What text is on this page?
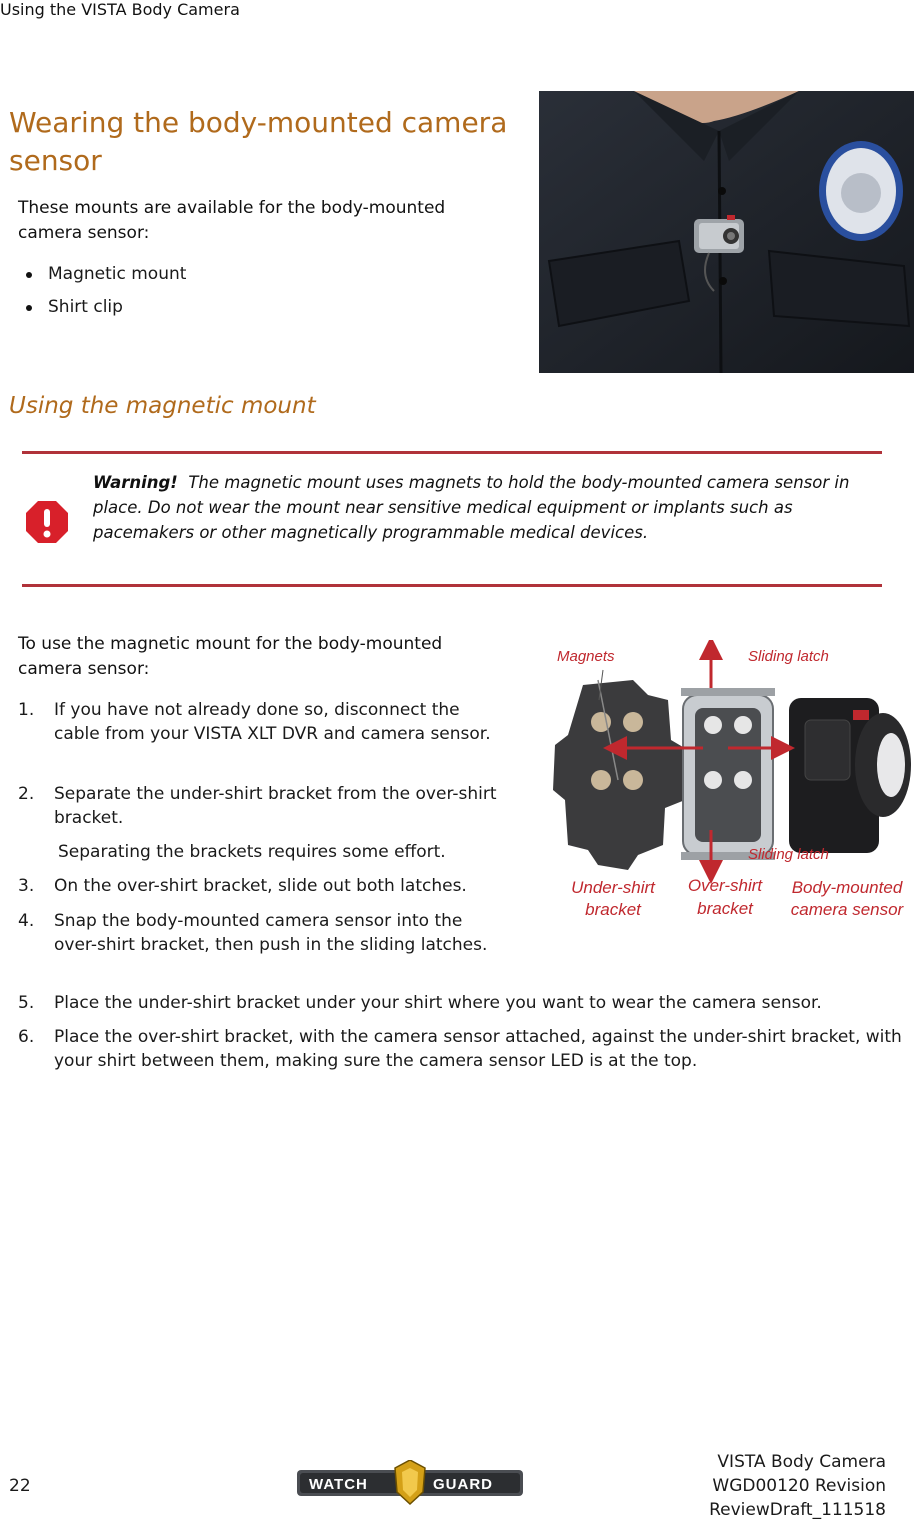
Using the VISTA Body Camera
Wearing the body-mounted camera sensor
These mounts are available for the body-mounted camera sensor:
Magnetic mount
Shirt clip
Using the magnetic mount
Warning! The magnetic mount uses magnets to hold the body-mounted camera sensor in place. Do not wear the mount near sensitive medical equipment or implants such as pacemakers or other magnetically programmable medical devices.
To use the magnetic mount for the body-mounted camera sensor:
1. If you have not already done so, disconnect the cable from your VISTA XLT DVR and camera sensor.
2. Separate the under-shirt bracket from the over-shirt bracket.
Separating the brackets requires some effort.
3. On the over-shirt bracket, slide out both latches.
4. Snap the body-mounted camera sensor into the over-shirt bracket, then push in the sliding latches.
5. Place the under-shirt bracket under your shirt where you want to wear the camera sensor.
6. Place the over-shirt bracket, with the camera sensor attached, against the under-shirt bracket, with your shirt between them, making sure the camera sensor LED is at the top.
Magnets	Sliding latch
Sliding latch
Under-shirt
bracket
Over-shirt
bracket
Body-mounted
camera sensor
22	WATCH	GUARD
VISTA Body Camera
WGD00120 Revision
ReviewDraft_111518
